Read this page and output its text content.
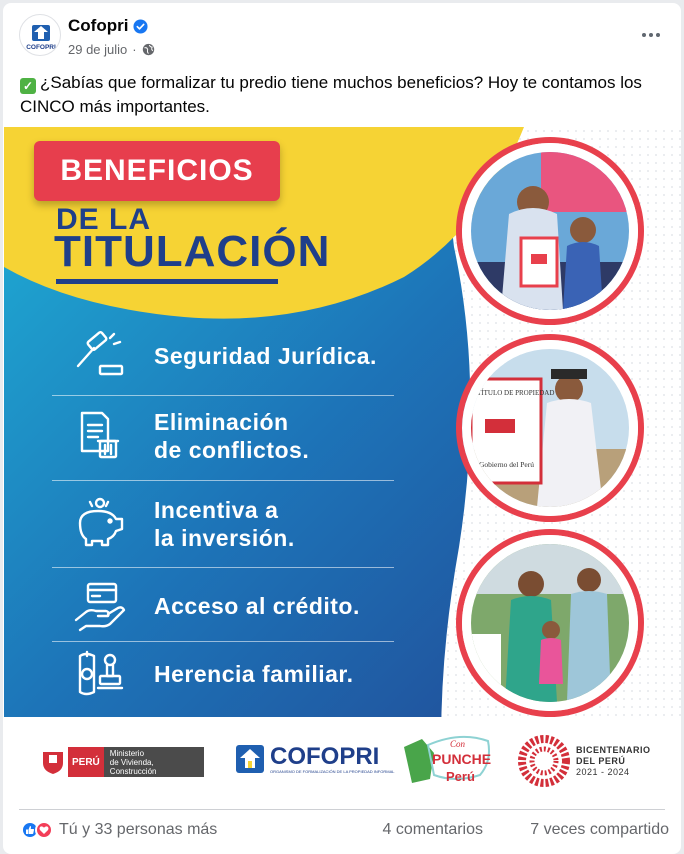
COFOPRI
Cofopri
29 de julio ·
✓ ¿Sabías que formalizar tu predio tiene muchos beneficios? Hoy te contamos los CINCO más importantes.
BENEFICIOS
DE LA
TITULACIÓN
Seguridad Jurídica.
Eliminación
de conflictos.
Incentiva a
la inversión.
Acceso al crédito.
Herencia familiar.
TÍTULO DE PROPIEDAD
Gobierno del Perú
PERÚ
Ministerio
de Vivienda, Construcción
y Saneamiento
COFOPRI
ORGANISMO DE FORMALIZACIÓN DE LA PROPIEDAD INFORMAL
Con
PUNCHE
Perú
BICENTENARIO
DEL PERÚ
2021 - 2024
Tú y 33 personas más	4 comentarios	7 veces compartido
